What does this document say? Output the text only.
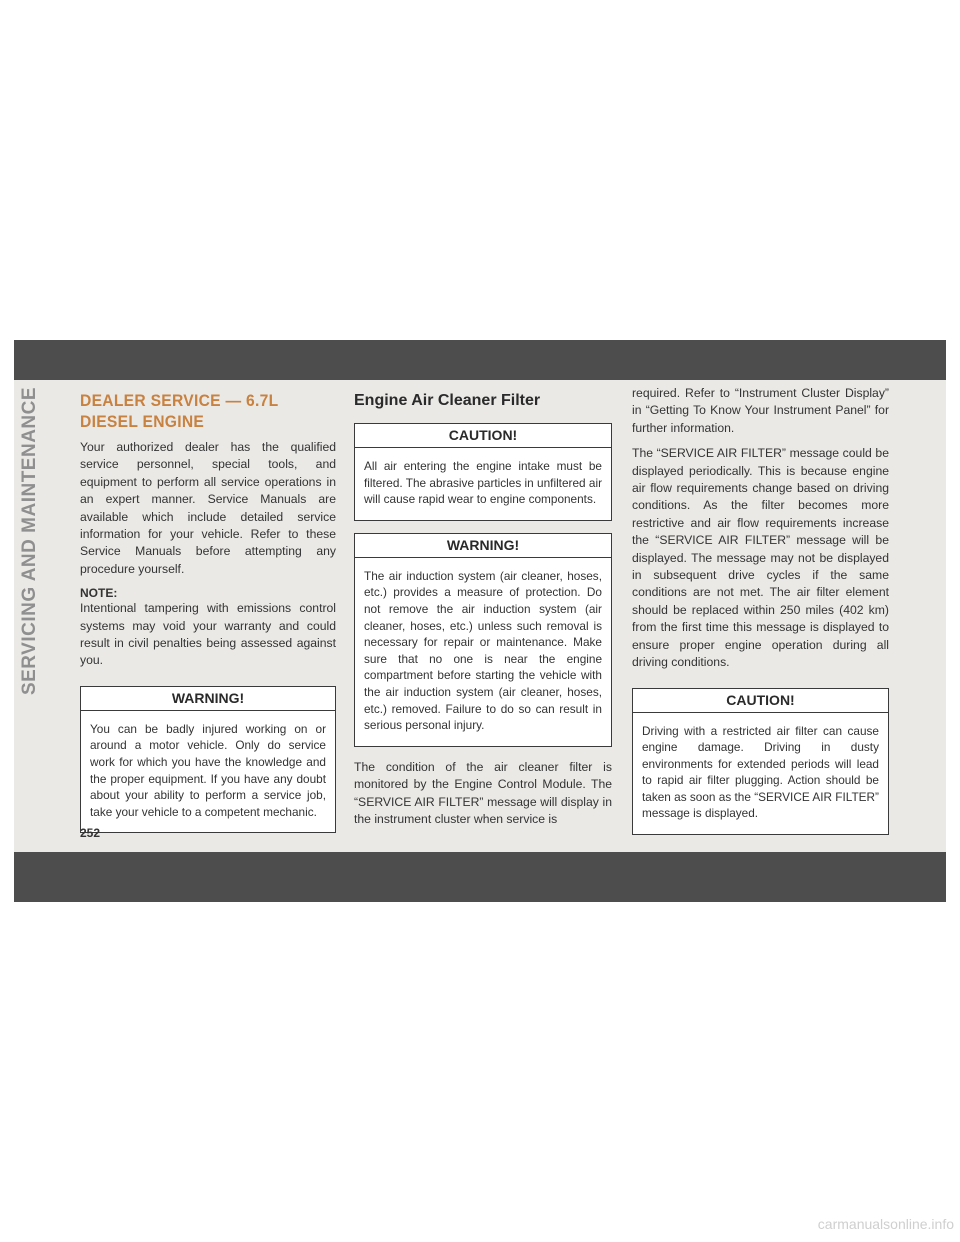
SERVICING AND MAINTENANCE DEALER SERVICE — 6.7L DIESEL ENGINE

Your authorized dealer has the qualified service personnel, special tools, and equipment to perform all service operations in an expert manner. Service Manuals are available which include detailed service information for your vehicle. Refer to these Service Manuals before attempting any procedure yourself.

NOTE:

Intentional tampering with emissions control systems may void your warranty and could result in civil penalties being assessed against you.

WARNING!

You can be badly injured working on or around a motor vehicle. Only do service work for which you have the knowledge and the proper equipment. If you have any doubt about your ability to perform a service job, take your vehicle to a competent mechanic.

Engine Air Cleaner Filter
CAUTION!

All air entering the engine intake must be filtered. The abrasive particles in unfiltered air will cause rapid wear to engine components.

WARNING!

The air induction system (air cleaner, hoses, etc.) provides a measure of protection. Do not remove the air induction system (air cleaner, hoses, etc.) unless such removal is necessary for repair or maintenance. Make sure that no one is near the engine compartment before starting the vehicle with the air induction system (air cleaner, hoses, etc.) removed. Failure to do so can result in serious personal injury.

The condition of the air cleaner filter is monitored by the Engine Control Module. The “SERVICE AIR FILTER” message will display in the instrument cluster when service is

required. Refer to “Instrument Cluster Display” in “Getting To Know Your Instrument Panel” for further information.

The “SERVICE AIR FILTER” message could be displayed periodically. This is because engine air flow requirements change based on driving conditions. As the filter becomes more restrictive and air flow requirements increase the “SERVICE AIR FILTER” message will be displayed. The message may not be displayed in subsequent drive cycles if the same conditions are not met. The air filter element should be replaced within 250 miles (402 km) from the first time this message is displayed to ensure proper engine operation during all driving conditions.

CAUTION!

Driving with a restricted air filter can cause engine damage. Driving in dusty environments for extended periods will lead to rapid air filter plugging. Action should be taken as soon as the “SERVICE AIR FILTER” message is displayed.

252
carmanualsonline.info
